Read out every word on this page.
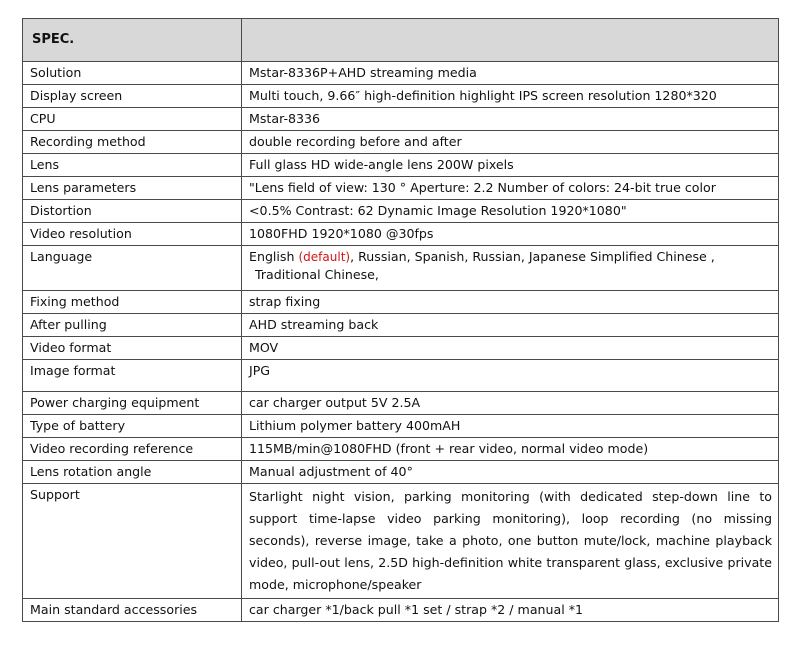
SPEC.	
Solution	Mstar-8336P+AHD streaming media
Display screen	Multi touch, 9.66″ high-definition highlight IPS screen resolution 1280*320
CPU	Mstar-8336
Recording method	double recording before and after
Lens	Full glass HD wide-angle lens 200W pixels
Lens parameters	"Lens field of view: 130 ° Aperture: 2.2 Number of colors: 24-bit true color
Distortion	<0.5% Contrast: 62 Dynamic Image Resolution 1920*1080"
Video resolution	1080FHD 1920*1080 @30fps
Language	English (default), Russian, Spanish, Russian, Japanese Simplified Chinese ,
Traditional Chinese,

Fixing method	strap fixing
After pulling	AHD streaming back
Video format	MOV
Image format	JPG
Power charging equipment	car charger output 5V 2.5A
Type of battery	Lithium polymer battery 400mAH
Video recording reference	115MB/min@1080FHD (front + rear video, normal video mode)
Lens rotation angle	Manual adjustment of 40°
Support	Starlight night vision, parking monitoring (with dedicated step-down line to support time-lapse video parking monitoring), loop recording (no missing seconds), reverse image, take a photo, one button mute/lock, machine playback video, pull-out lens, 2.5D high-definition white transparent glass, exclusive private mode, microphone/speaker

Main standard accessories	car charger *1/back pull *1 set / strap *2 / manual *1
